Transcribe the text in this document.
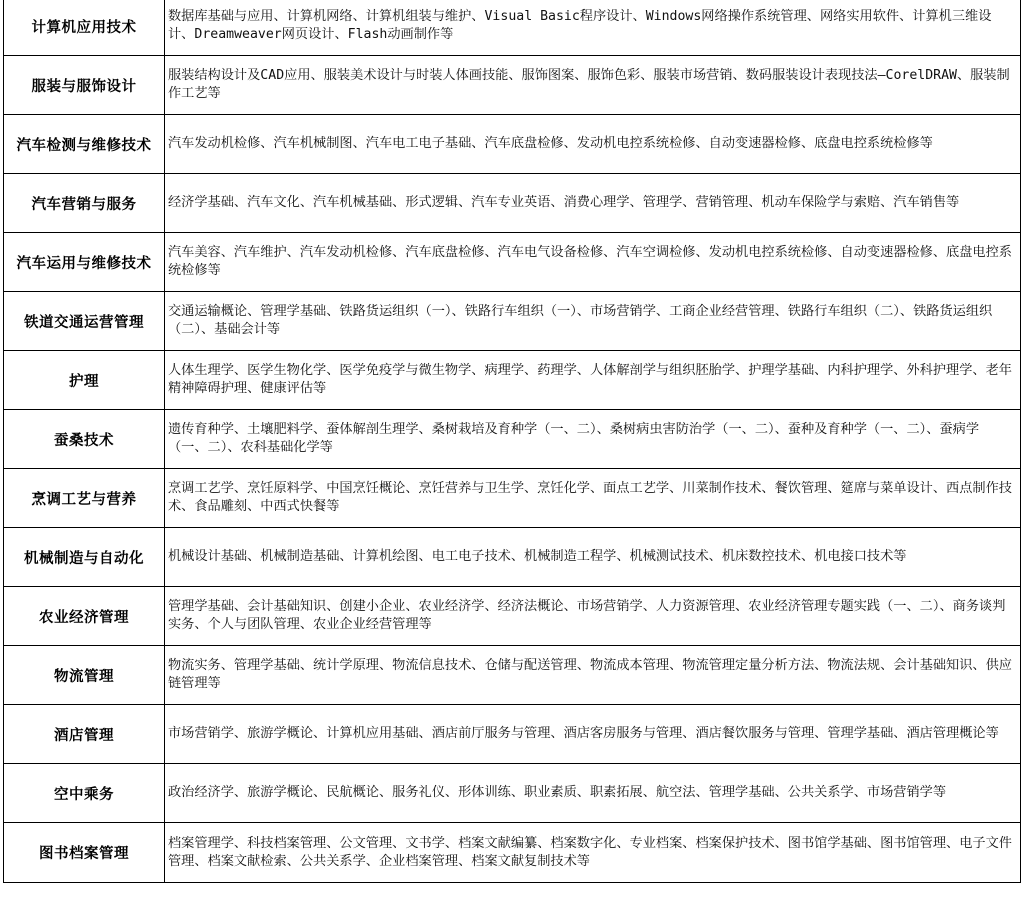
计算机应用技术	数据库基础与应用、计算机网络、计算机组装与维护、Visual Basic程序设计、Windows网络操作系统管理、网络实用软件、计算机三维设计、Dreamweaver网页设计、Flash动画制作等
服装与服饰设计	服装结构设计及CAD应用、服装美术设计与时装人体画技能、服饰图案、服饰色彩、服装市场营销、数码服装设计表现技法—CorelDRAW、服装制作工艺等
汽车检测与维修技术	汽车发动机检修、汽车机械制图、汽车电工电子基础、汽车底盘检修、发动机电控系统检修、自动变速器检修、底盘电控系统检修等
汽车营销与服务	经济学基础、汽车文化、汽车机械基础、形式逻辑、汽车专业英语、消费心理学、管理学、营销管理、机动车保险学与索赔、汽车销售等
汽车运用与维修技术	汽车美容、汽车维护、汽车发动机检修、汽车底盘检修、汽车电气设备检修、汽车空调检修、发动机电控系统检修、自动变速器检修、底盘电控系统检修等
铁道交通运营管理	交通运输概论、管理学基础、铁路货运组织（一）、铁路行车组织（一）、市场营销学、工商企业经营管理、铁路行车组织（二）、铁路货运组织（二）、基础会计等
护理	人体生理学、医学生物化学、医学免疫学与微生物学、病理学、药理学、人体解剖学与组织胚胎学、护理学基础、内科护理学、外科护理学、老年精神障碍护理、健康评估等
蚕桑技术	遗传育种学、土壤肥料学、蚕体解剖生理学、桑树栽培及育种学（一、二）、桑树病虫害防治学（一、二）、蚕种及育种学（一、二）、蚕病学（一、二）、农科基础化学等
烹调工艺与营养	烹调工艺学、烹饪原料学、中国烹饪概论、烹饪营养与卫生学、烹饪化学、面点工艺学、川菜制作技术、餐饮管理、筵席与菜单设计、西点制作技术、食品雕刻、中西式快餐等
机械制造与自动化	机械设计基础、机械制造基础、计算机绘图、电工电子技术、机械制造工程学、机械测试技术、机床数控技术、机电接口技术等
农业经济管理	管理学基础、会计基础知识、创建小企业、农业经济学、经济法概论、市场营销学、人力资源管理、农业经济管理专题实践（一、二）、商务谈判实务、个人与团队管理、农业企业经营管理等
物流管理	物流实务、管理学基础、统计学原理、物流信息技术、仓储与配送管理、物流成本管理、物流管理定量分析方法、物流法规、会计基础知识、供应链管理等
酒店管理	市场营销学、旅游学概论、计算机应用基础、酒店前厅服务与管理、酒店客房服务与管理、酒店餐饮服务与管理、管理学基础、酒店管理概论等
空中乘务	政治经济学、旅游学概论、民航概论、服务礼仪、形体训练、职业素质、职素拓展、航空法、管理学基础、公共关系学、市场营销学等
图书档案管理	档案管理学、科技档案管理、公文管理、文书学、档案文献编纂、档案数字化、专业档案、档案保护技术、图书馆学基础、图书馆管理、电子文件管理、档案文献检索、公共关系学、企业档案管理、档案文献复制技术等
